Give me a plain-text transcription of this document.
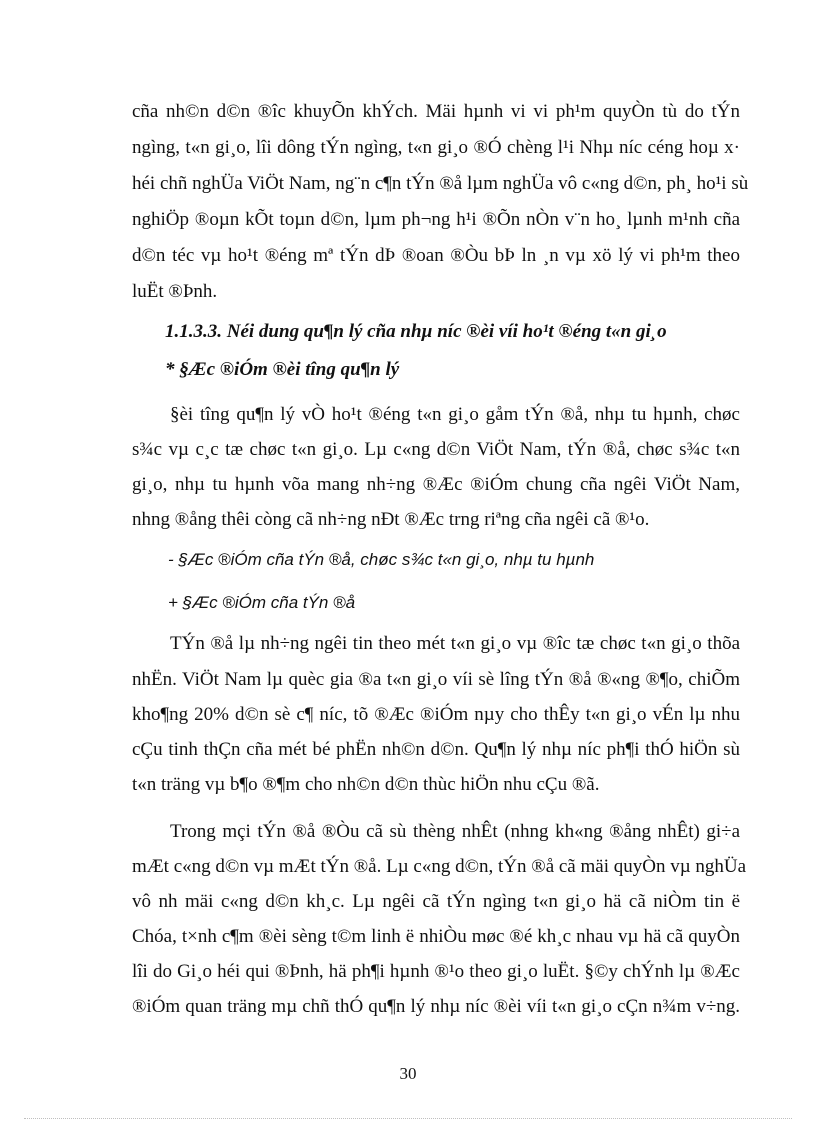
cña nh©n d©n ®îc khuyÕn khÝch. Mäi hµnh vi vi ph¹m quyÒn tù do tÝn
ngìng, t«n gi¸o, lîi dông tÝn ngìng, t«n gi¸o ®Ó chèng l¹i Nhµ níc céng hoµ x·
héi chñ nghÜa ViÖt Nam, ng¨n c¶n tÝn ®å lµm nghÜa vô c«ng d©n, ph¸ ho¹i sù
nghiÖp ®oµn kÕt toµn d©n, lµm ph¬ng h¹i ®Õn nÒn v¨n ho¸ lµnh m¹nh cña
d©n téc vµ ho¹t ®éng mª tÝn dÞ ®oan ®Òu bÞ ln ¸n vµ xö lý vi ph¹m theo
luËt ®Þnh.
1.1.3.3. Néi dung qu¶n lý cña nhµ níc ®èi víi ho¹t ®éng t«n gi¸o
* §Æc ®iÓm ®èi tîng qu¶n lý
§èi tîng qu¶n lý vÒ ho¹t ®éng t«n gi¸o gåm tÝn ®å, nhµ tu hµnh, chøc
s¾c vµ c¸c tæ chøc t«n gi¸o. Lµ c«ng d©n ViÖt Nam, tÝn ®å, chøc s¾c t«n
gi¸o, nhµ tu hµnh võa mang nh÷ng ®Æc ®iÓm chung cña ngêi ViÖt Nam,
nhng ®ång thêi còng cã nh÷ng nÐt ®Æc trng riªng cña ngêi cã ®¹o.
- §Æc ®iÓm cña tÝn ®å, chøc s¾c t«n gi¸o, nhµ tu hµnh
+ §Æc ®iÓm cña tÝn ®å
TÝn ®å lµ nh÷ng ngêi tin theo mét t«n gi¸o vµ ®îc tæ chøc t«n gi¸o thõa
nhËn. ViÖt Nam lµ quèc gia ®a t«n gi¸o víi sè lîng tÝn ®å ®«ng ®¶o, chiÕm
kho¶ng 20% d©n sè c¶ níc, tõ ®Æc ®iÓm nµy cho thÊy t«n gi¸o vÉn lµ nhu
cÇu tinh thÇn cña mét bé phËn nh©n d©n. Qu¶n lý nhµ níc ph¶i thÓ hiÖn sù
t«n träng vµ b¶o ®¶m cho nh©n d©n thùc hiÖn nhu cÇu ®ã.
Trong mçi tÝn ®å ®Òu cã sù thèng nhÊt (nhng kh«ng ®ång nhÊt) gi÷a
mÆt c«ng d©n vµ mÆt tÝn ®å. Lµ c«ng d©n, tÝn ®å cã mäi quyÒn vµ nghÜa
vô nh mäi c«ng d©n kh¸c. Lµ ngêi cã tÝn ngìng t«n gi¸o hä cã niÒm tin ë
Chóa, t×nh c¶m ®èi sèng t©m linh ë nhiÒu møc ®é kh¸c nhau vµ hä cã quyÒn
lîi do Gi¸o héi qui ®Þnh, hä ph¶i hµnh ®¹o theo gi¸o luËt. §©y chÝnh lµ ®Æc
®iÓm quan träng mµ chñ thÓ qu¶n lý nhµ níc ®èi víi t«n gi¸o cÇn n¾m v÷ng.
30
